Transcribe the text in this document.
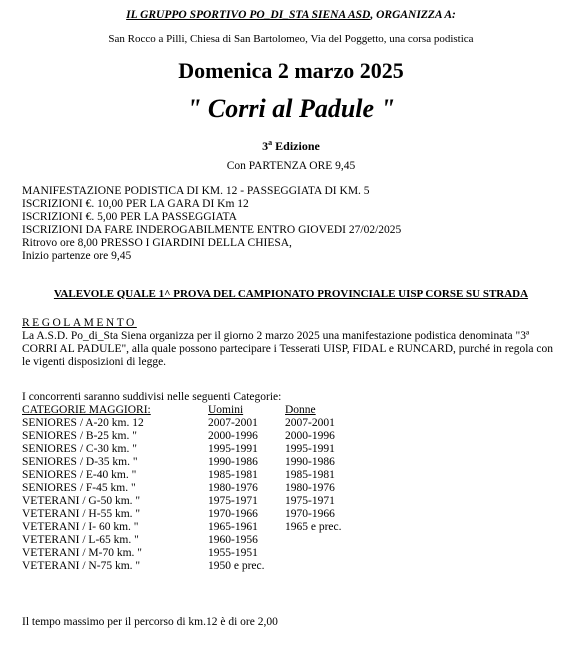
IL GRUPPO SPORTIVO PO_DI_STA SIENA ASD, ORGANIZZA A:
San Rocco a Pilli, Chiesa di San Bartolomeo, Via del Poggetto, una corsa podistica
Domenica 2 marzo 2025
" Corri al Padule "
3$^a$ Edizione
Con PARTENZA ORE 9,45
MANIFESTAZIONE PODISTICA DI KM. 12 - PASSEGGIATA DI KM. 5
ISCRIZIONI €. 10,00 PER LA GARA DI Km 12
ISCRIZIONI €. 5,00 PER LA PASSEGGIATA
ISCRIZIONI DA FARE INDEROGABILMENTE ENTRO GIOVEDI 27/02/2025
Ritrovo ore 8,00 PRESSO I GIARDINI DELLA CHIESA,
Inizio partenze ore 9,45
VALEVOLE QUALE 1^ PROVA DEL CAMPIONATO PROVINCIALE UISP CORSE SU STRADA
REGOLAMENTO
La A.S.D. Po_di_Sta Siena organizza per il giorno 2 marzo 2025 una manifestazione podistica denominata "3ª CORRI AL PADULE", alla quale possono partecipare i Tesserati UISP, FIDAL e RUNCARD, purché in regola con le vigenti disposizioni di legge.
I concorrenti saranno suddivisi nelle seguenti Categorie:
CATEGORIE MAGGIORI:	Uomini	Donne
SENIORES / A-20 km. 12	2007-2001	2007-2001
SENIORES / B-25 km. "	2000-1996	2000-1996
SENIORES / C-30 km. "	1995-1991	1995-1991
SENIORES / D-35 km. "	1990-1986	1990-1986
SENIORES / E-40 km. "	1985-1981	1985-1981
SENIORES / F-45 km. "	1980-1976	1980-1976
VETERANI / G-50 km. "	1975-1971	1975-1971
VETERANI / H-55 km. "	1970-1966	1970-1966
VETERANI / I- 60 km. "	1965-1961	1965 e prec.
VETERANI / L-65 km. "	1960-1956	
VETERANI / M-70 km. "	1955-1951	
VETERANI / N-75 km. "	1950 e prec.	
Il tempo massimo per il percorso di km.12 è di ore 2,00
